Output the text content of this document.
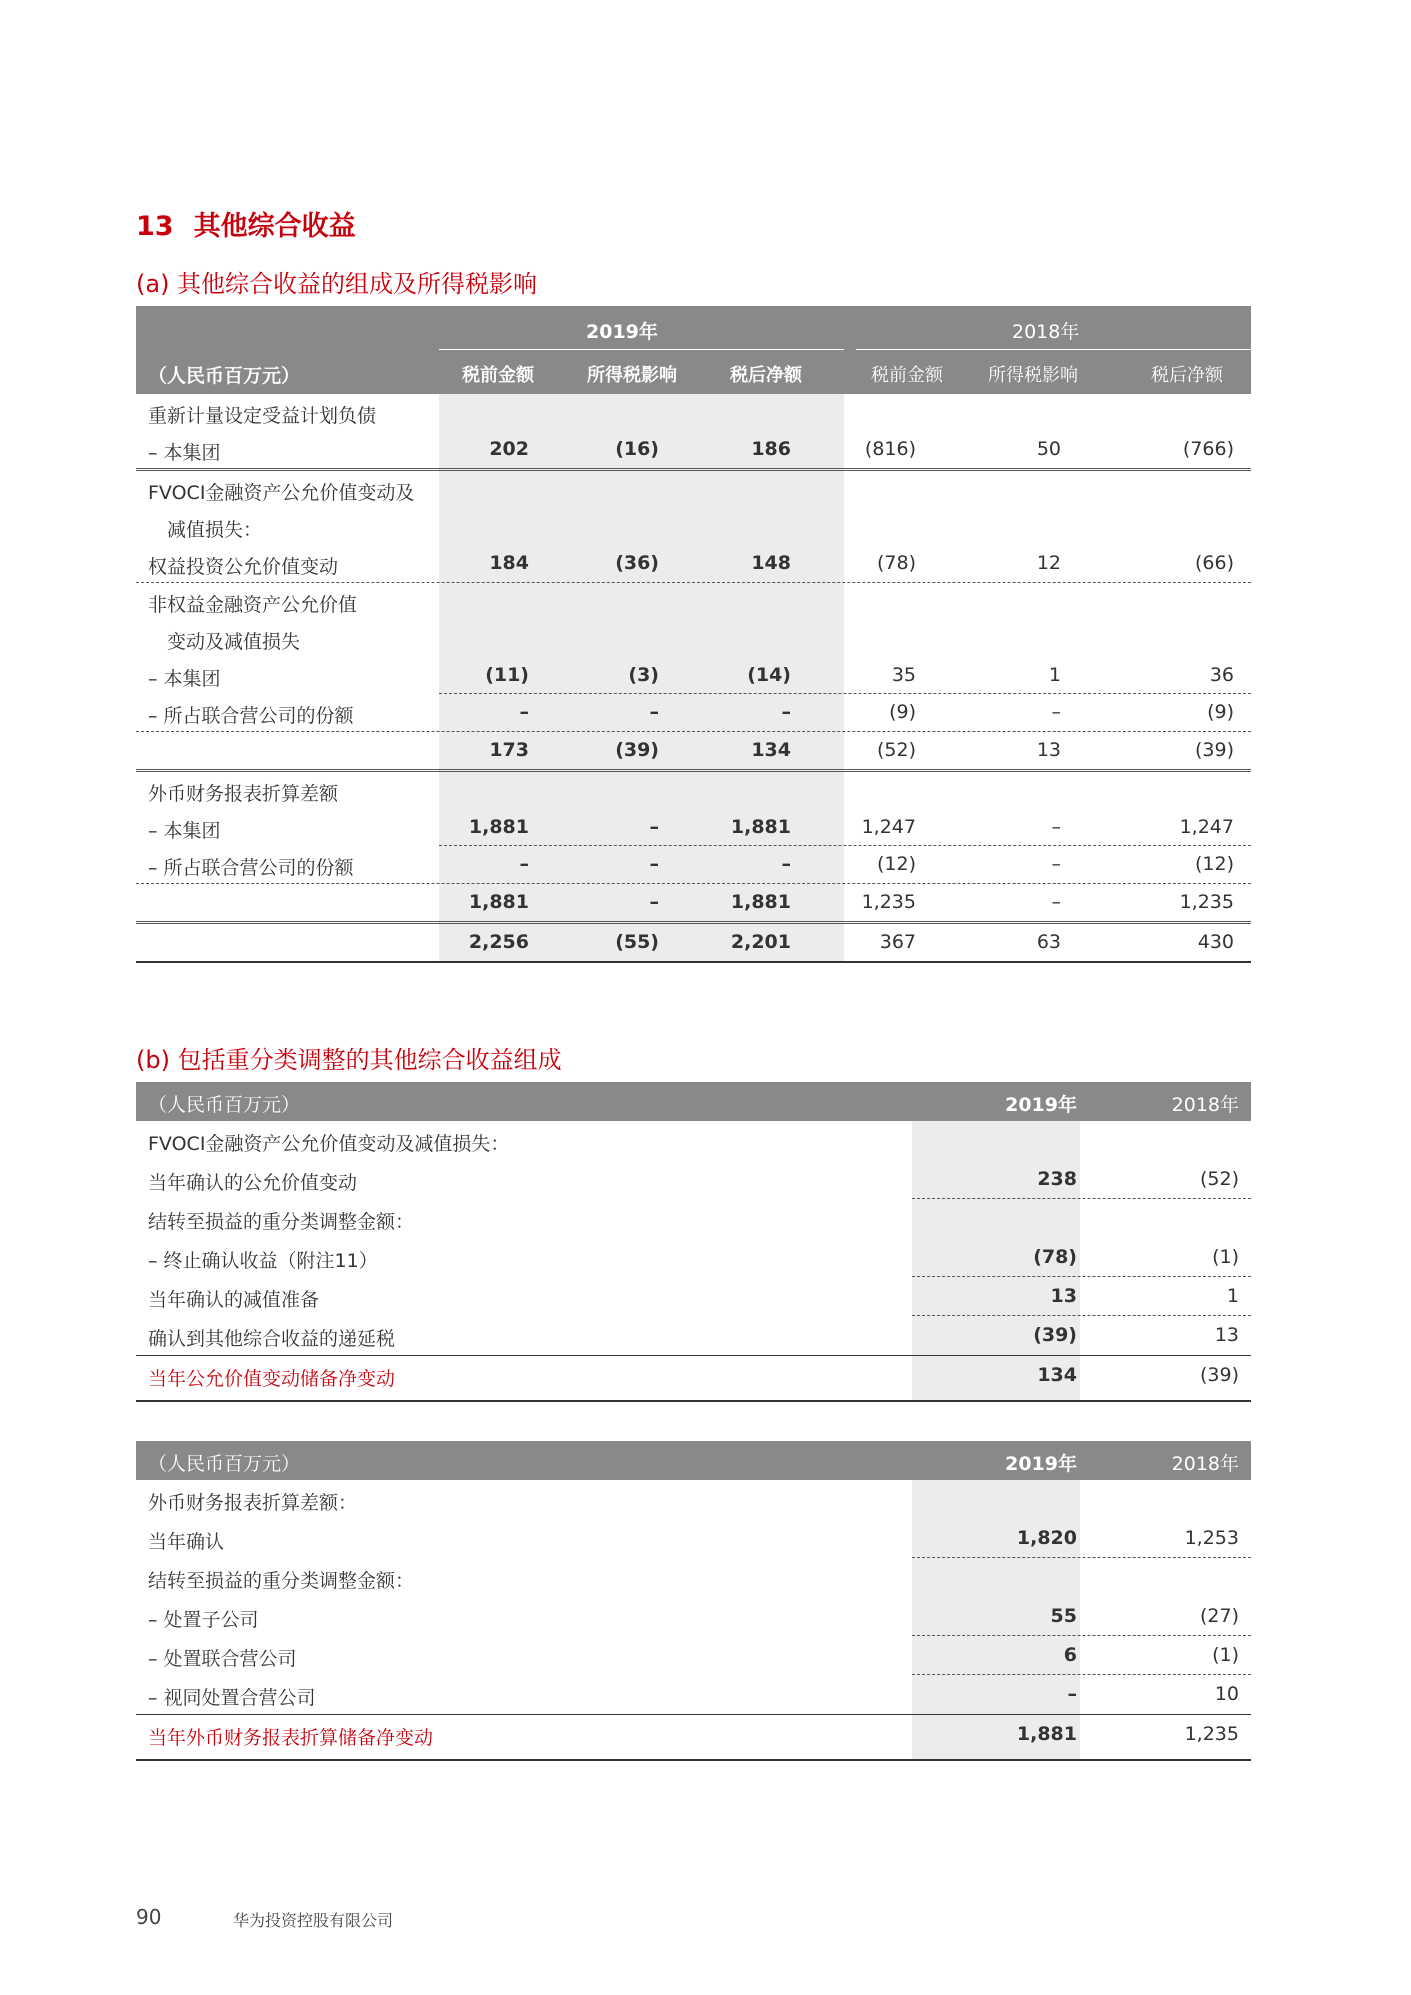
13 其他综合收益
(a) 其他综合收益的组成及所得税影响
2019年	2018年
（人民币百万元）	税前金额	所得税影响	税后净额	税前金额	所得税影响	税后净额
重新计量设定受益计划负债
– 本集团	202	(16)	186	(816)	50	(766)
FVOCI金融资产公允价值变动及
　减值损失：
权益投资公允价值变动	184	(36)	148	(78)	12	(66)
非权益金融资产公允价值
　变动及减值损失
– 本集团	(11)	(3)	(14)	35	1	36
– 所占联合营公司的份额	–	–	–	(9)	–	(9)
173	(39)	134	(52)	13	(39)
外币财务报表折算差额
– 本集团	1,881	–	1,881	1,247	–	1,247
– 所占联合营公司的份额	–	–	–	(12)	–	(12)
1,881	–	1,881	1,235	–	1,235
2,256	(55)	2,201	367	63	430
(b) 包括重分类调整的其他综合收益组成
（人民币百万元）	2019年	2018年
FVOCI金融资产公允价值变动及减值损失：
当年确认的公允价值变动	238	(52)
结转至损益的重分类调整金额：
– 终止确认收益（附注11）	(78)	(1)
当年确认的减值准备	13	1
确认到其他综合收益的递延税	(39)	13
当年公允价值变动储备净变动	134	(39)
（人民币百万元）	2019年	2018年
外币财务报表折算差额：
当年确认	1,820	1,253
结转至损益的重分类调整金额：
– 处置子公司	55	(27)
– 处置联合营公司	6	(1)
– 视同处置合营公司	–	10
当年外币财务报表折算储备净变动	1,881	1,235
90	华为投资控股有限公司
